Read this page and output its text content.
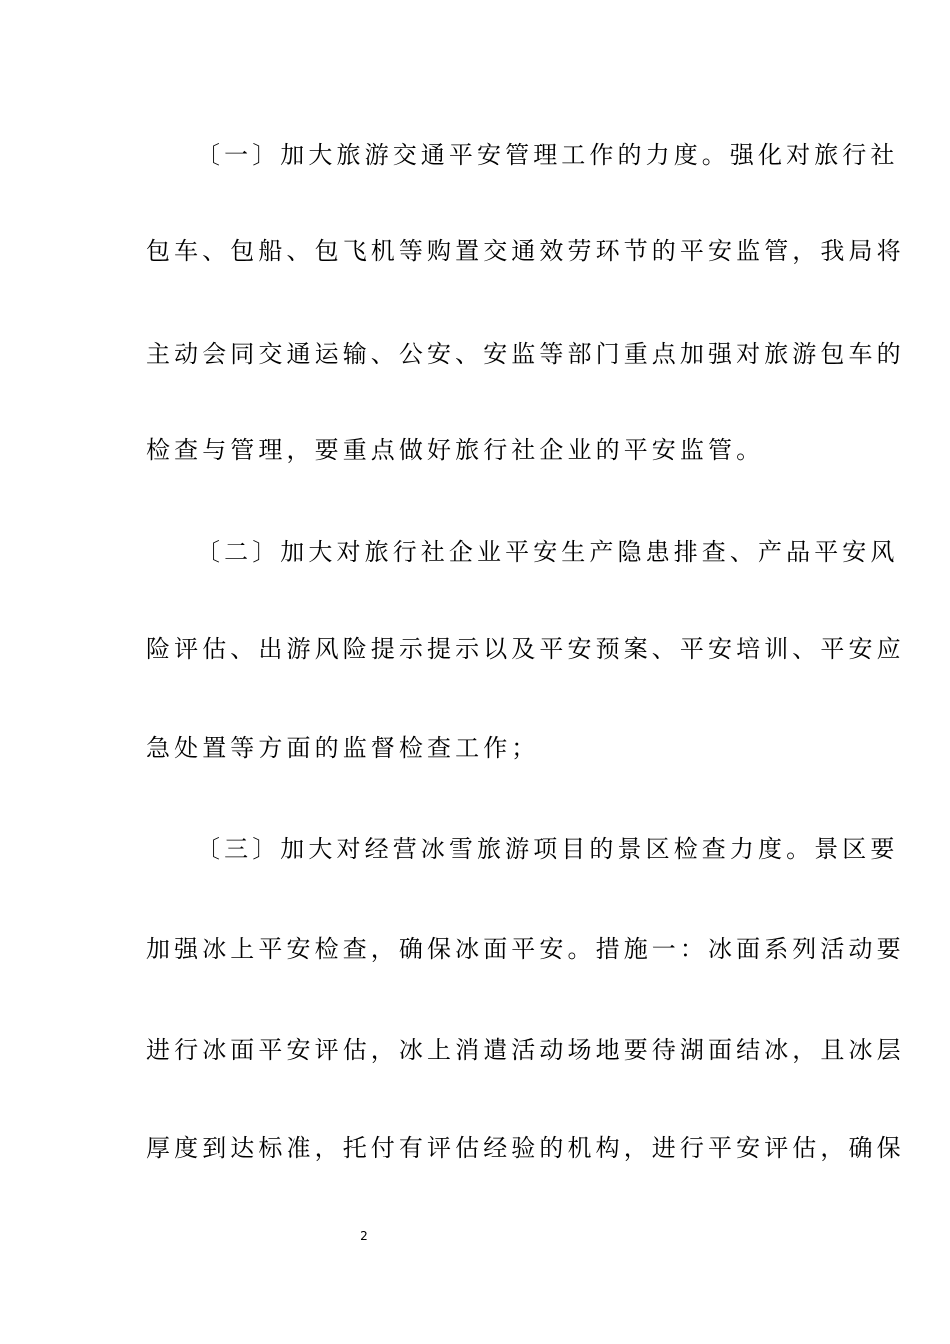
〔一〕加大旅游交通平安管理工作的力度。强化对旅行社
包车、包船、包飞机等购置交通效劳环节的平安监管，我局将
主动会同交通运输、公安、安监等部门重点加强对旅游包车的
检查与管理，要重点做好旅行社企业的平安监管。
〔二〕加大对旅行社企业平安生产隐患排查、产品平安风
险评估、出游风险提示提示以及平安预案、平安培训、平安应
急处置等方面的监督检查工作；
〔三〕加大对经营冰雪旅游项目的景区检查力度。景区要
加强冰上平安检查，确保冰面平安。措施一：冰面系列活动要
进行冰面平安评估，冰上消遣活动场地要待湖面结冰，且冰层
厚度到达标准，托付有评估经验的机构，进行平安评估，确保
2
